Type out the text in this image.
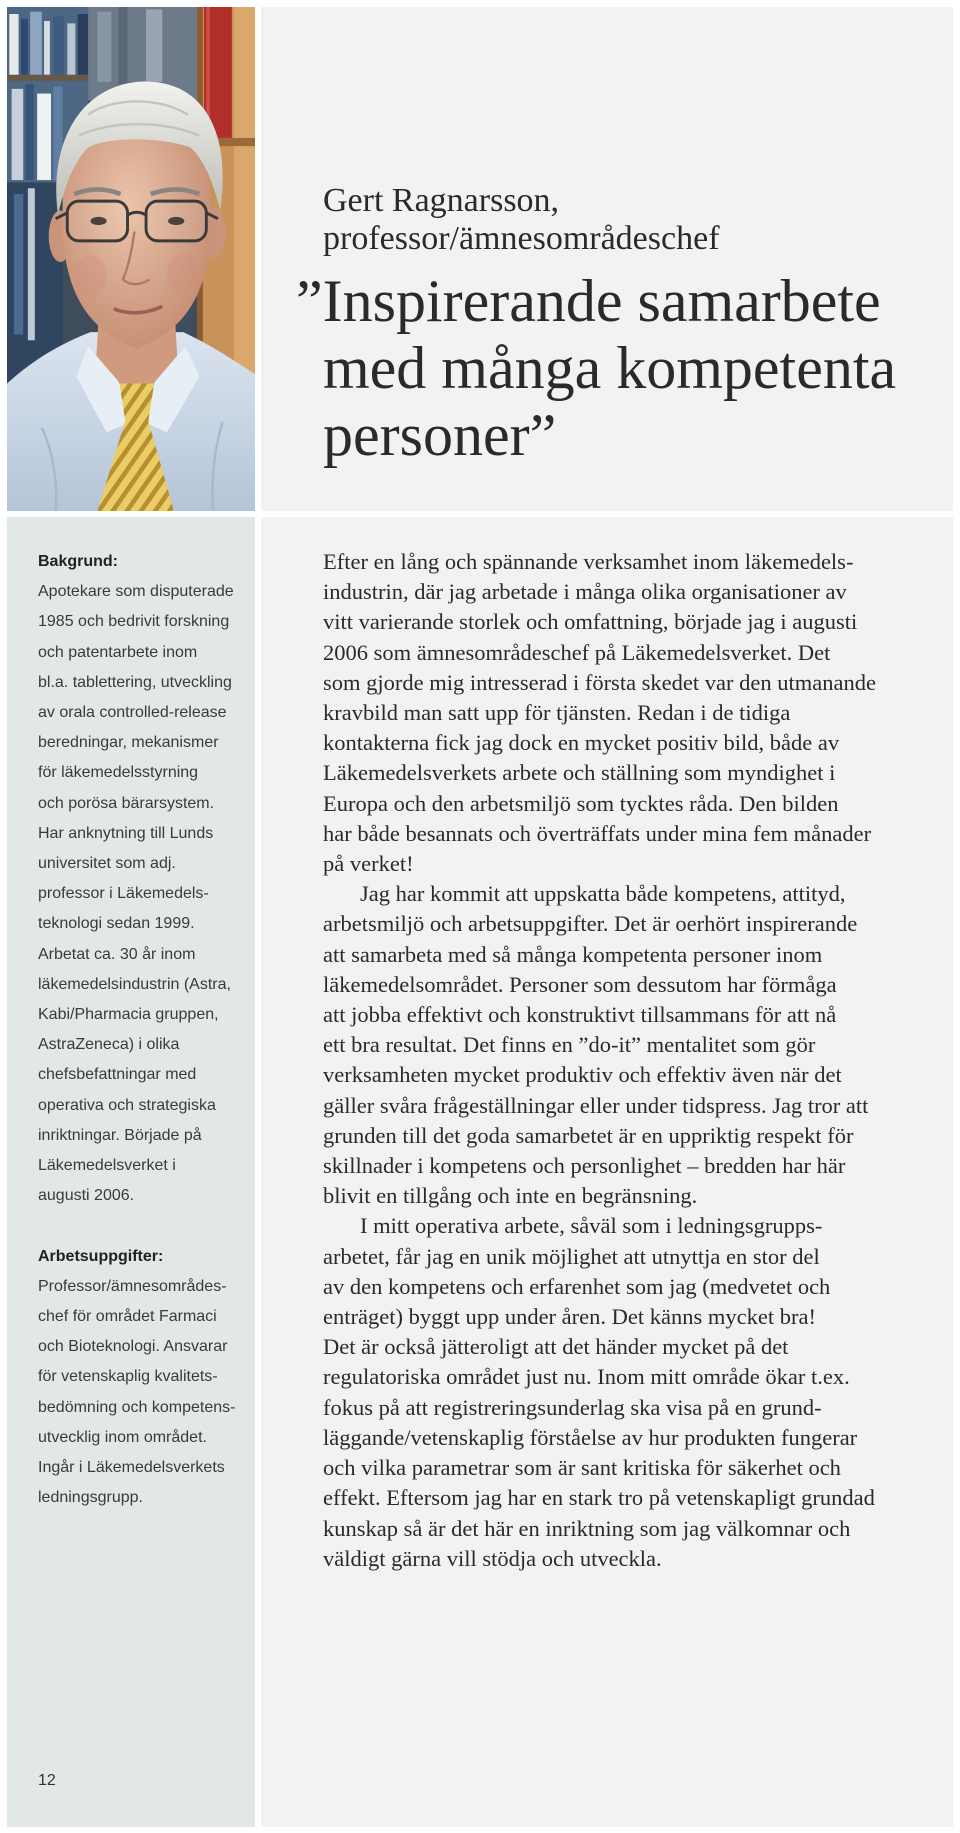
Gert Ragnarsson,
professor/ämnesområdeschef
”Inspirerande samarbete
med många kompetenta
personer”
Bakgrund:
Apotekare som disputerade
1985 och bedrivit forskning
och patentarbete inom
bl.a. tablettering, utveckling
av orala controlled-release
beredningar, mekanismer
för läkemedelsstyrning
och porösa bärarsystem.
Har anknytning till Lunds
universitet som adj.
professor i Läkemedels-
teknologi sedan 1999.
Arbetat ca. 30 år inom
läkemedelsindustrin (Astra,
Kabi/Pharmacia gruppen,
AstraZeneca) i olika
chefsbefattningar med
operativa och strategiska
inriktningar. Började på
Läkemedelsverket i
augusti 2006.
Arbetsuppgifter:
Professor/ämnesområdes-
chef för området Farmaci
och Bioteknologi. Ansvarar
för vetenskaplig kvalitets-
bedömning och kompetens-
utvecklig inom området.
Ingår i Läkemedelsverkets
ledningsgrupp.
12
Efter en lång och spännande verksamhet inom läkemedels-
industrin, där jag arbetade i många olika organisationer av
vitt varierande storlek och omfattning, började jag i augusti
2006 som ämnesområdeschef på Läkemedelsverket. Det
som gjorde mig intresserad i första skedet var den utmanande
kravbild man satt upp för tjänsten. Redan i de tidiga
kontakterna fick jag dock en mycket positiv bild, både av
Läkemedelsverkets arbete och ställning som myndighet i
Europa och den arbetsmiljö som tycktes råda. Den bilden
har både besannats och överträffats under mina fem månader
på verket!
Jag har kommit att uppskatta både kompetens, attityd,
arbetsmiljö och arbetsuppgifter. Det är oerhört inspirerande
att samarbeta med så många kompetenta personer inom
läkemedelsområdet. Personer som dessutom har förmåga
att jobba effektivt och konstruktivt tillsammans för att nå
ett bra resultat. Det finns en ”do-it” mentalitet som gör
verksamheten mycket produktiv och effektiv även när det
gäller svåra frågeställningar eller under tidspress. Jag tror att
grunden till det goda samarbetet är en uppriktig respekt för
skillnader i kompetens och personlighet – bredden har här
blivit en tillgång och inte en begränsning.
I mitt operativa arbete, såväl som i ledningsgrupps-
arbetet, får jag en unik möjlighet att utnyttja en stor del
av den kompetens och erfarenhet som jag (medvetet och
enträget) byggt upp under åren. Det känns mycket bra!
Det är också jätteroligt att det händer mycket på det
regulatoriska området just nu. Inom mitt område ökar t.ex.
fokus på att registreringsunderlag ska visa på en grund-
läggande/vetenskaplig förståelse av hur produkten fungerar
och vilka parametrar som är sant kritiska för säkerhet och
effekt. Eftersom jag har en stark tro på vetenskapligt grundad
kunskap så är det här en inriktning som jag välkomnar och
väldigt gärna vill stödja och utveckla.
